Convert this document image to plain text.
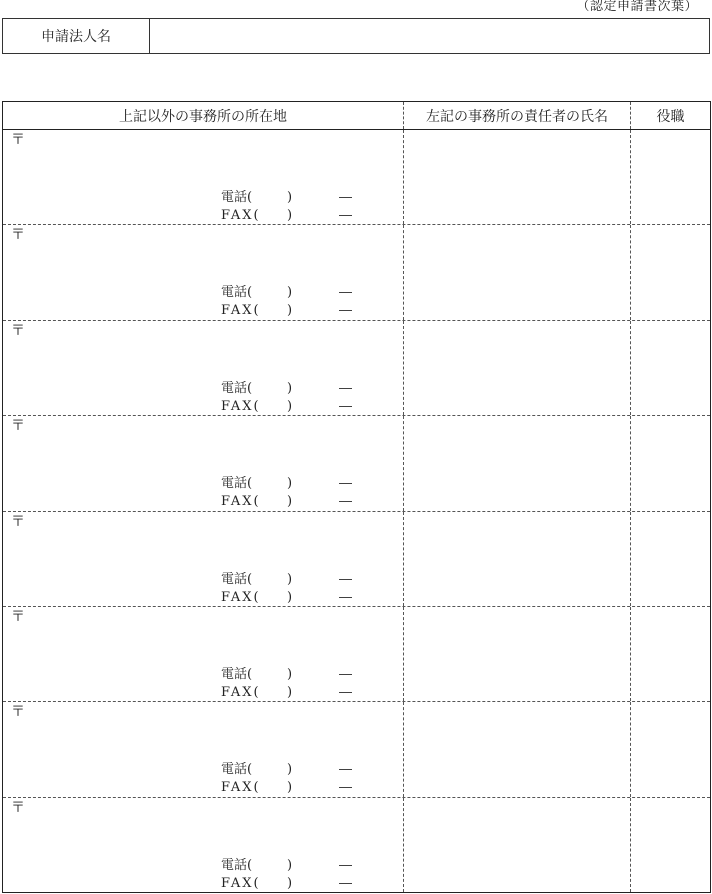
（認定申請書次葉）
申請法人名
上記以外の事務所の所在地	左記の事務所の責任者の氏名	役職
〒
電話(	)	―
FAX( )	―
〒
電話(	)	―
FAX( )	―
〒
電話(	)	―
FAX( )	―
〒
電話(	)	―
FAX( )	―
〒
電話(	)	―
FAX( )	―
〒
電話(	)	―
FAX( )	―
〒
電話(	)	―
FAX( )	―
〒
電話(	)	―
FAX( )	―
